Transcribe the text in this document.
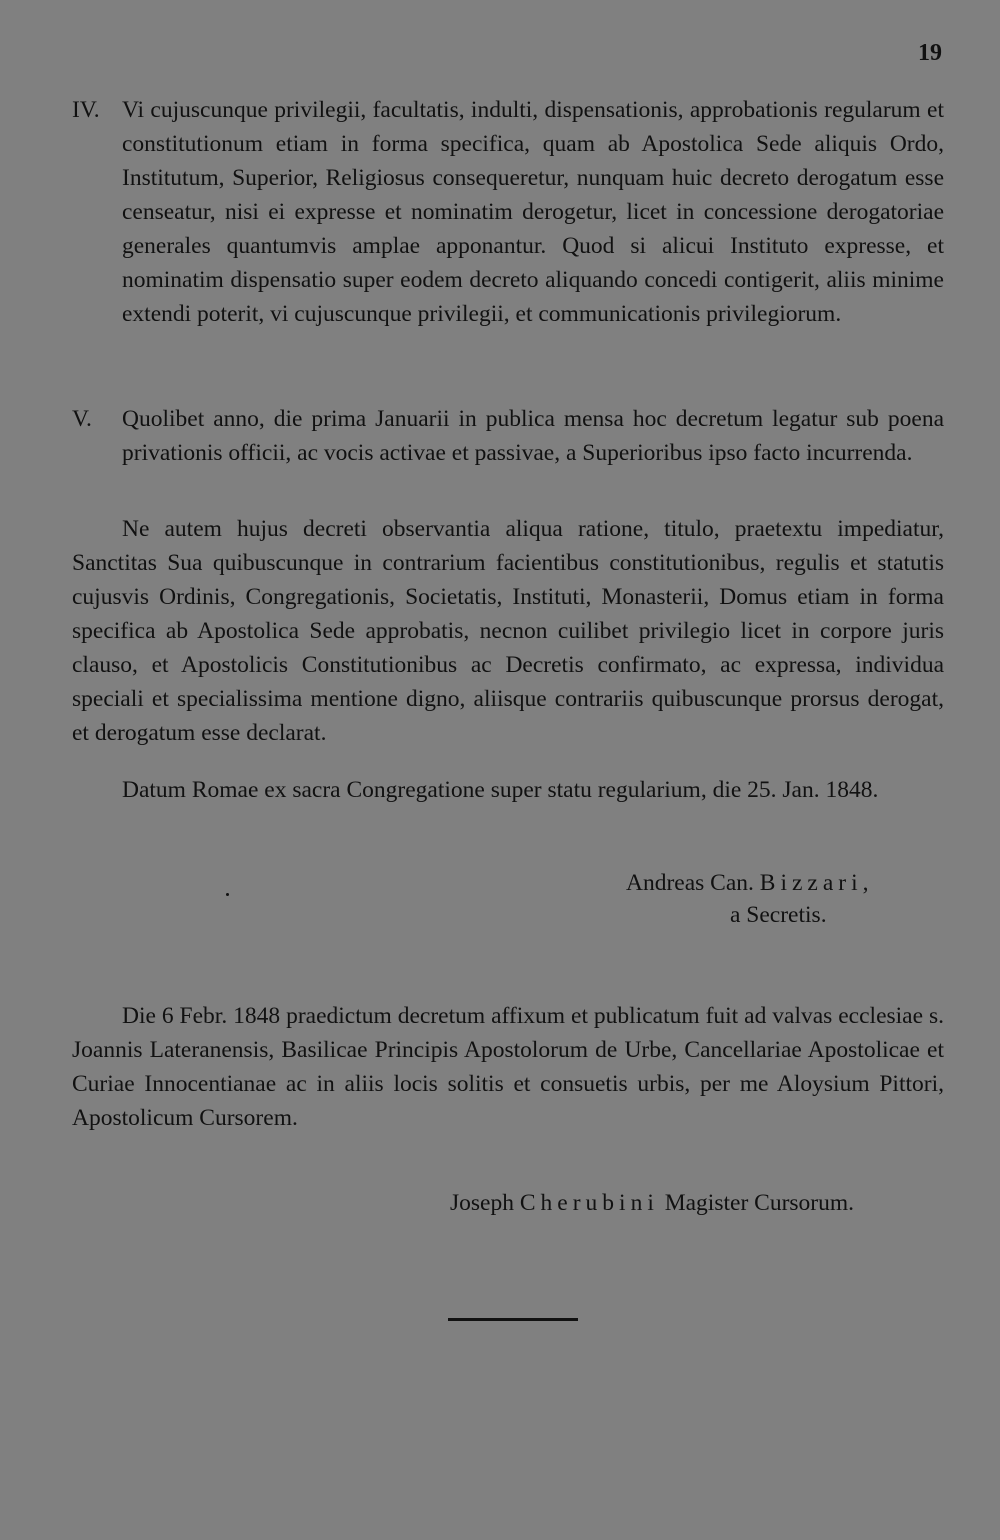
19
IV. Vi cujuscunque privilegii, facultatis, indulti, dispensationis, approbationis regularum et constitutionum etiam in forma specifica, quam ab Apostolica Sede aliquis Ordo, Institutum, Superior, Religiosus consequeretur, nunquam huic decreto derogatum esse censeatur, nisi ei expresse et nominatim derogetur, licet in concessione derogatoriae generales quantumvis amplae apponantur. Quod si alicui Instituto expresse, et nominatim dispensatio super eodem decreto aliquando concedi contigerit, aliis minime extendi poterit, vi cujuscunque privilegii, et communicationis privilegiorum.
V.	Quolibet anno, die prima Januarii in publica mensa hoc decretum legatur sub poena privationis officii, ac vocis activae et passivae, a Superioribus ipso facto incurrenda.
Ne autem hujus decreti observantia aliqua ratione, titulo, praetextu impediatur, Sanctitas Sua quibuscunque in contrarium facientibus constitutionibus, regulis et statutis cujusvis Ordinis, Congregationis, Societatis, Instituti, Monasterii, Domus etiam in forma specifica ab Apostolica Sede approbatis, necnon cuilibet privilegio licet in corpore juris clauso, et Apostolicis Constitutionibus ac Decretis confirmato, ac expressa, individua speciali et specialissima mentione digno, aliisque contrariis quibuscunque prorsus derogat, et derogatum esse declarat.
Datum Romae ex sacra Congregatione super statu regularium, die 25. Jan. 1848.
Andreas Can. Bizzari,
a Secretis.
Die 6 Febr. 1848 praedictum decretum affixum et publicatum fuit ad valvas ecclesiae s. Joannis Lateranensis, Basilicae Principis Apostolorum de Urbe, Cancellariae Apostolicae et Curiae Innocentianae ac in aliis locis solitis et consuetis urbis, per me Aloysium Pittori, Apostolicum Cursorem.
Joseph Cherubini Magister Cursorum.
